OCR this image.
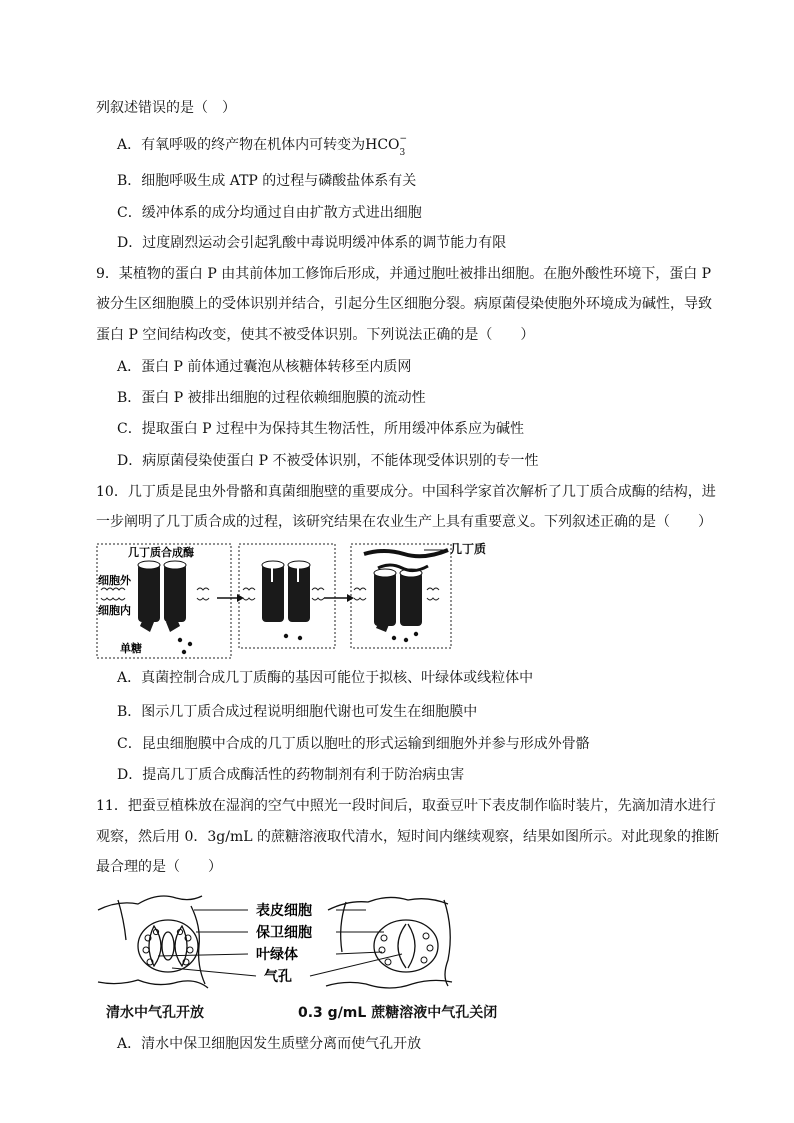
列叙述错误的是（　）
A．有氧呼吸的终产物在机体内可转变为HCO −
3
B．细胞呼吸生成 ATP 的过程与磷酸盐体系有关
C．缓冲体系的成分均通过自由扩散方式进出细胞
D．过度剧烈运动会引起乳酸中毒说明缓冲体系的调节能力有限
9．某植物的蛋白 P 由其前体加工修饰后形成，并通过胞吐被排出细胞。在胞外酸性环境下，蛋白 P
被分生区细胞膜上的受体识别并结合，引起分生区细胞分裂。病原菌侵染使胞外环境成为碱性，导致
蛋白 P 空间结构改变，使其不被受体识别。下列说法正确的是（　　）
A．蛋白 P 前体通过囊泡从核糖体转移至内质网
B．蛋白 P 被排出细胞的过程依赖细胞膜的流动性
C．提取蛋白 P 过程中为保持其生物活性，所用缓冲体系应为碱性
D．病原菌侵染使蛋白 P 不被受体识别，不能体现受体识别的专一性
10．几丁质是昆虫外骨骼和真菌细胞壁的重要成分。中国科学家首次解析了几丁质合成酶的结构，进
一步阐明了几丁质合成的过程，该研究结果在农业生产上具有重要意义。下列叙述正确的是（　　）
几丁质合成酶
细胞外
细胞内
单糖
几丁质
A．真菌控制合成几丁质酶的基因可能位于拟核、叶绿体或线粒体中
B．图示几丁质合成过程说明细胞代谢也可发生在细胞膜中
C．昆虫细胞膜中合成的几丁质以胞吐的形式运输到细胞外并参与形成外骨骼
D．提高几丁质合成酶活性的药物制剂有利于防治病虫害
11．把蚕豆植株放在湿润的空气中照光一段时间后，取蚕豆叶下表皮制作临时装片，先滴加清水进行
观察，然后用 0．3g/mL 的蔗糖溶液取代清水，短时间内继续观察，结果如图所示。对此现象的推断
最合理的是（　　）
表皮细胞
保卫细胞
叶绿体
气孔
清水中气孔开放	0.3 g/mL 蔗糖溶液中气孔关闭
A．清水中保卫细胞因发生质壁分离而使气孔开放
